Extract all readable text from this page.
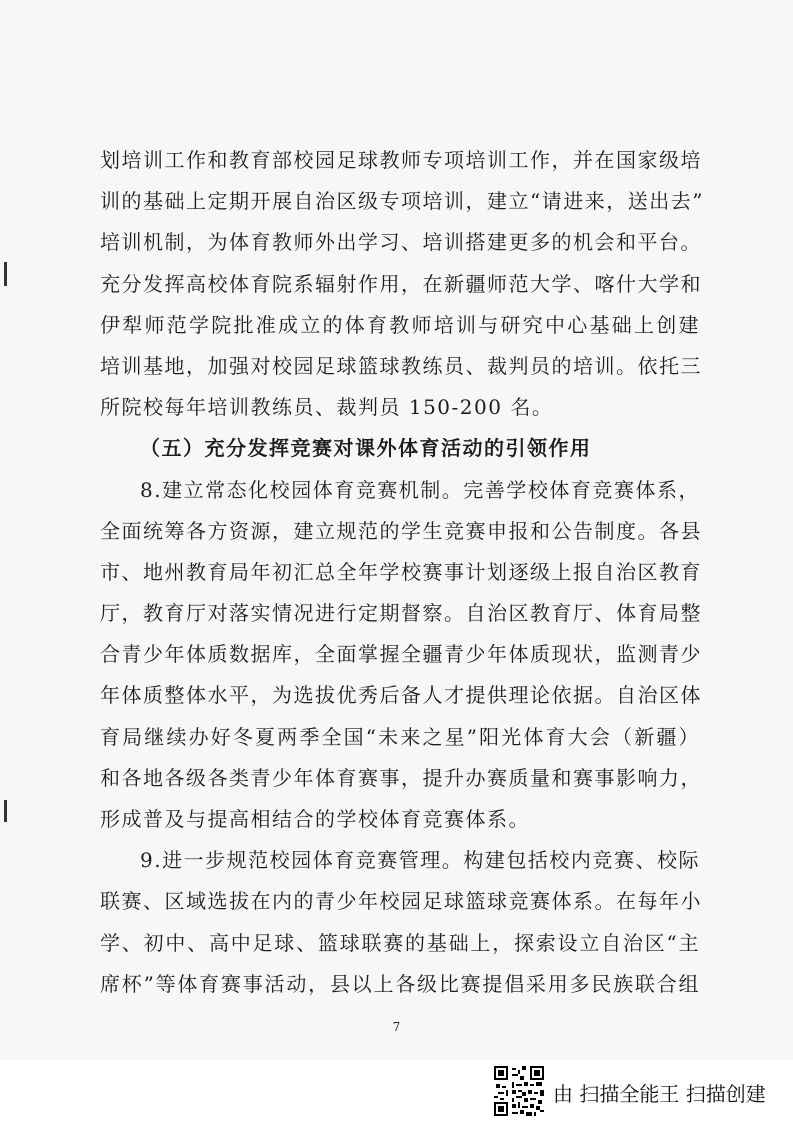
划培训工作和教育部校园足球教师专项培训工作，并在国家级培
训的基础上定期开展自治区级专项培训，建立“请进来，送出去”
培训机制，为体育教师外出学习、培训搭建更多的机会和平台。
充分发挥高校体育院系辐射作用，在新疆师范大学、喀什大学和
伊犁师范学院批准成立的体育教师培训与研究中心基础上创建
培训基地，加强对校园足球篮球教练员、裁判员的培训。依托三
所院校每年培训教练员、裁判员 150-200 名。
（五）充分发挥竞赛对课外体育活动的引领作用
8.建立常态化校园体育竞赛机制。完善学校体育竞赛体系，
全面统筹各方资源，建立规范的学生竞赛申报和公告制度。各县
市、地州教育局年初汇总全年学校赛事计划逐级上报自治区教育
厅，教育厅对落实情况进行定期督察。自治区教育厅、体育局整
合青少年体质数据库，全面掌握全疆青少年体质现状，监测青少
年体质整体水平，为选拔优秀后备人才提供理论依据。自治区体
育局继续办好冬夏两季全国“未来之星”阳光体育大会（新疆）
和各地各级各类青少年体育赛事，提升办赛质量和赛事影响力，
形成普及与提高相结合的学校体育竞赛体系。
9.进一步规范校园体育竞赛管理。构建包括校内竞赛、校际
联赛、区域选拔在内的青少年校园足球篮球竞赛体系。在每年小
学、初中、高中足球、篮球联赛的基础上，探索设立自治区“主
席杯”等体育赛事活动，县以上各级比赛提倡采用多民族联合组
7
由 扫描全能王 扫描创建
